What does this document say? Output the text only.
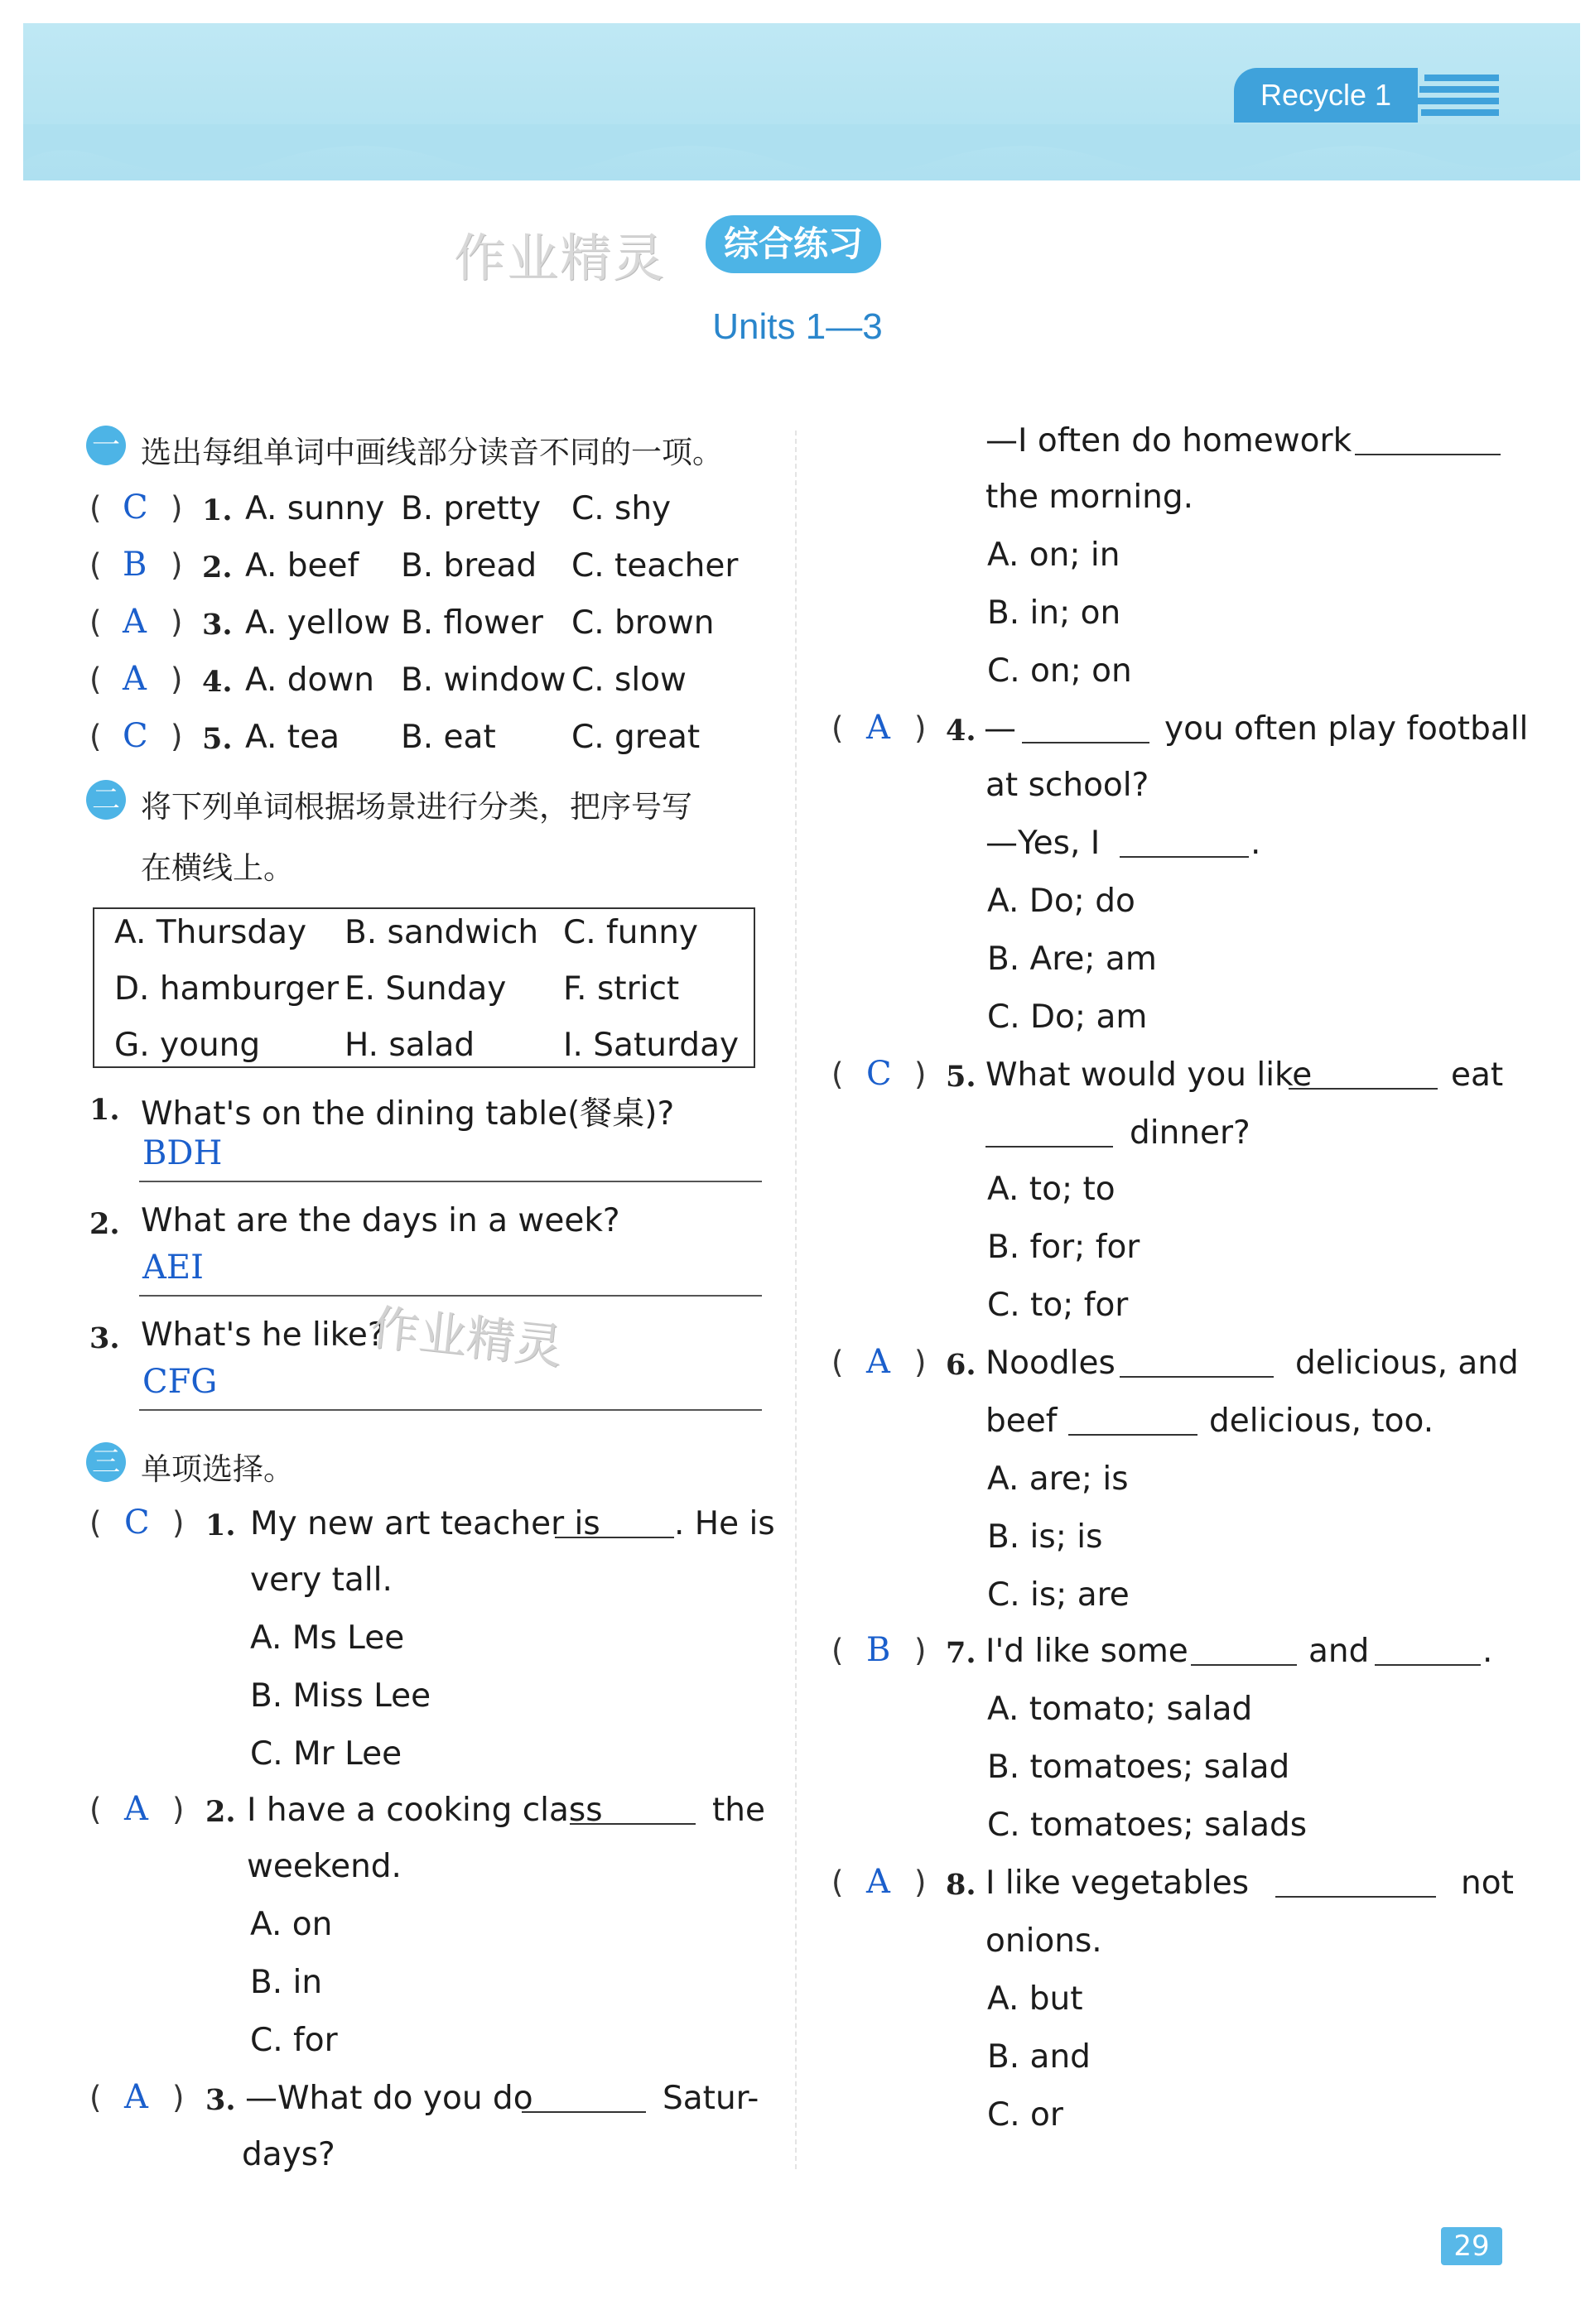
Recycle 1
作业精灵	综合练习
Units 1—3
一 选出每组单词中画线部分读音不同的一项。
( C ) 1. A. sunny B. pretty C. shy
( B ) 2. A. beef B. bread C. teacher
( A ) 3. A. yellow B. flower C. brown
( A ) 4. A. down B. window C. slow
( C ) 5. A. tea B. eat C. great
二 将下列单词根据场景进行分类，把序号写
在横线上。
A. Thursday B. sandwich C. funny
D. hamburger E. Sunday F. strict
G. young	H. salad	I. Saturday
1. What's on the dining table(餐桌)?
BDH
2. What are the days in a week?
AEI
3. What's he like?
CFG
作业精灵
三 单项选择。
( C ) 1. My new art teacher is . He is
very tall.
A. Ms Lee
B. Miss Lee
C. Mr Lee
( A ) 2. I have a cooking class	the
weekend.
A. on
B. in
C. for
( A ) 3. —What do you do	Satur-
days?
—I often do homework
the morning.
A. on; in
B. in; on
C. on; on
( A ) 4. —	you often play football
at school?
—Yes, I	.
A. Do; do
B. Are; am
C. Do; am
( C ) 5. What would you like	eat
dinner?
A. to; to
B. for; for
C. to; for
( A ) 6. Noodles	delicious, and
beef	delicious, too.
A. are; is
B. is; is
C. is; are
( B ) 7. I'd like some	and	.
A. tomato; salad
B. tomatoes; salad
C. tomatoes; salads
( A ) 8. I like vegetables	not
onions.
A. but
B. and
C. or
29
